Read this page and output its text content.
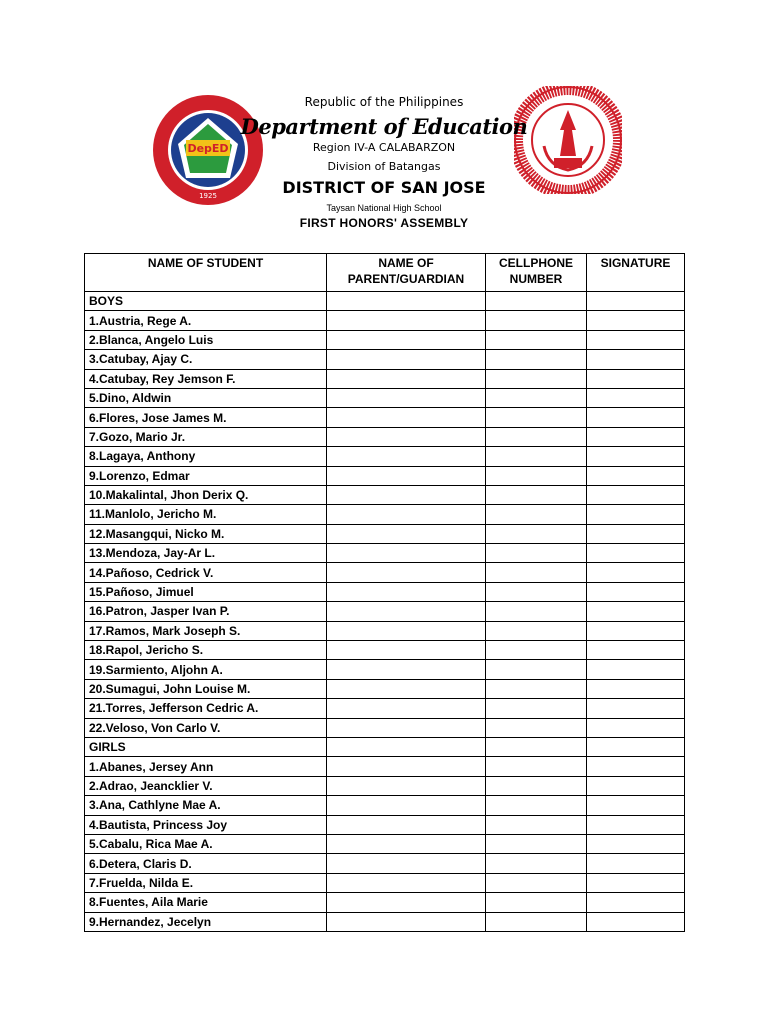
DepED
1925
Republic of the Philippines
Department of Education
Region IV-A CALABARZON
Division of Batangas
DISTRICT OF SAN JOSE
Taysan National High School
FIRST HONORS' ASSEMBLY
NAME OF STUDENT	NAME OF PARENT/GUARDIAN	CELLPHONE NUMBER	SIGNATURE
BOYS			
1.Austria, Rege A.			
2.Blanca, Angelo Luis			
3.Catubay, Ajay C.			
4.Catubay, Rey Jemson F.			
5.Dino, Aldwin			
6.Flores, Jose James M.			
7.Gozo, Mario Jr.			
8.Lagaya, Anthony			
9.Lorenzo, Edmar			
10.Makalintal, Jhon Derix Q.			
11.Manlolo, Jericho M.			
12.Masangqui, Nicko M.			
13.Mendoza, Jay-Ar L.			
14.Pañoso, Cedrick V.			
15.Pañoso, Jimuel			
16.Patron, Jasper Ivan P.			
17.Ramos, Mark Joseph S.			
18.Rapol, Jericho S.			
19.Sarmiento, Aljohn A.			
20.Sumagui, John Louise M.			
21.Torres, Jefferson Cedric A.			
22.Veloso, Von Carlo V.			
GIRLS			
1.Abanes, Jersey Ann			
2.Adrao, Jeancklier V.			
3.Ana, Cathlyne Mae A.			
4.Bautista, Princess Joy			
5.Cabalu, Rica Mae A.			
6.Detera, Claris D.			
7.Fruelda, Nilda E.			
8.Fuentes, Aila Marie			
9.Hernandez, Jecelyn			
